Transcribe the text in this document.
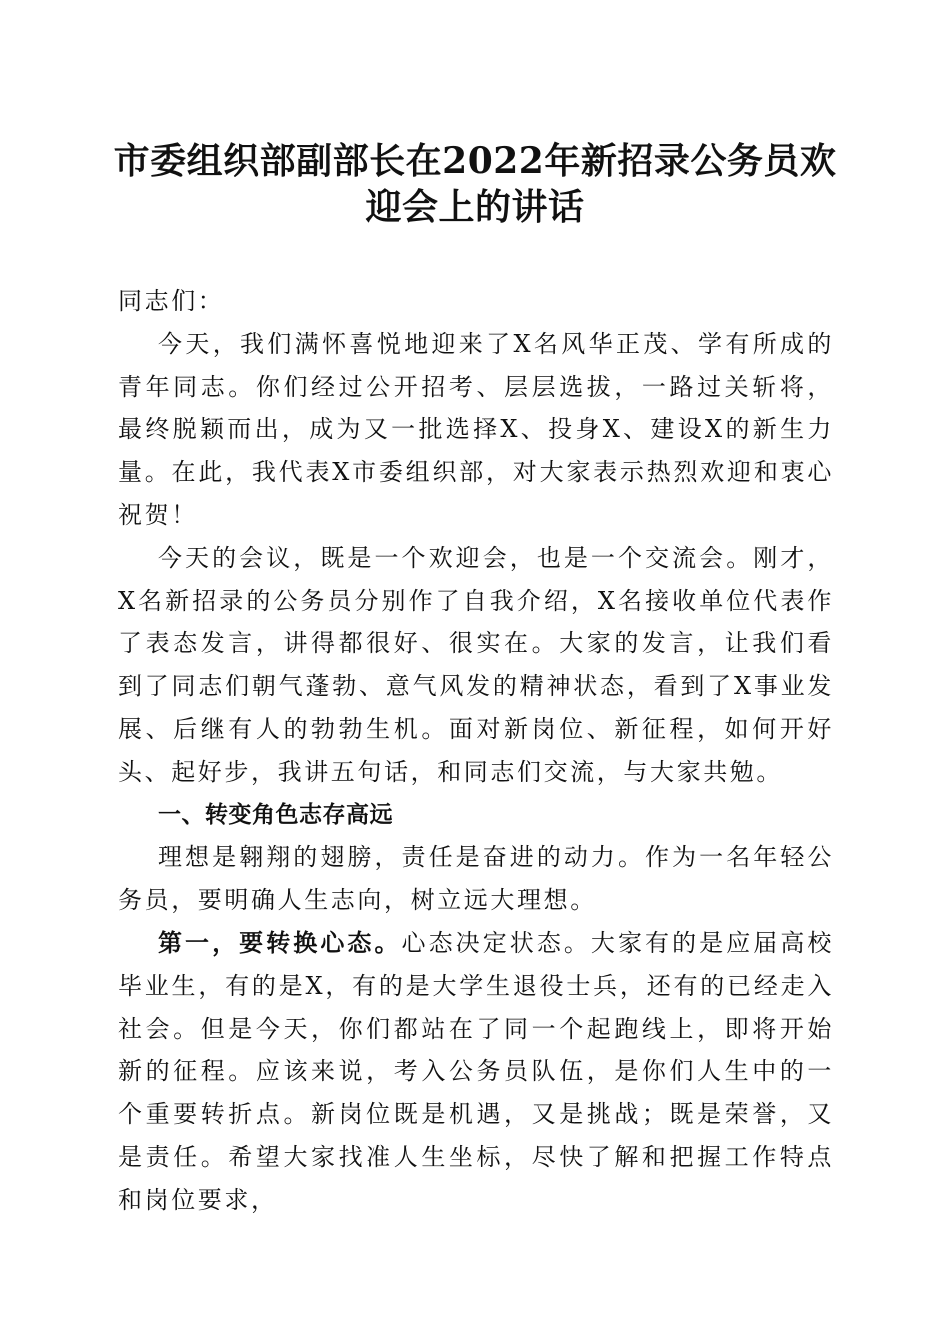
市委组织部副部长在2022年新招录公务员欢迎会上的讲话

同志们：

今天，我们满怀喜悦地迎来了X名风华正茂、学有所成的青年同志。你们经过公开招考、层层选拔，一路过关斩将，最终脱颖而出，成为又一批选择X、投身X、建设X的新生力量。在此，我代表X市委组织部，对大家表示热烈欢迎和衷心祝贺！

今天的会议，既是一个欢迎会，也是一个交流会。刚才，X名新招录的公务员分别作了自我介绍，X名接收单位代表作了表态发言，讲得都很好、很实在。大家的发言，让我们看到了同志们朝气蓬勃、意气风发的精神状态，看到了X事业发展、后继有人的勃勃生机。面对新岗位、新征程，如何开好头、起好步，我讲五句话，和同志们交流，与大家共勉。

一、转变角色志存高远

理想是翱翔的翅膀，责任是奋进的动力。作为一名年轻公务员，要明确人生志向，树立远大理想。

第一，要转换心态。心态决定状态。大家有的是应届高校毕业生，有的是X，有的是大学生退役士兵，还有的已经走入社会。但是今天，你们都站在了同一个起跑线上，即将开始新的征程。应该来说，考入公务员队伍，是你们人生中的一个重要转折点。新岗位既是机遇，又是挑战；既是荣誉，又是责任。希望大家找准人生坐标，尽快了解和把握工作特点和岗位要求，
